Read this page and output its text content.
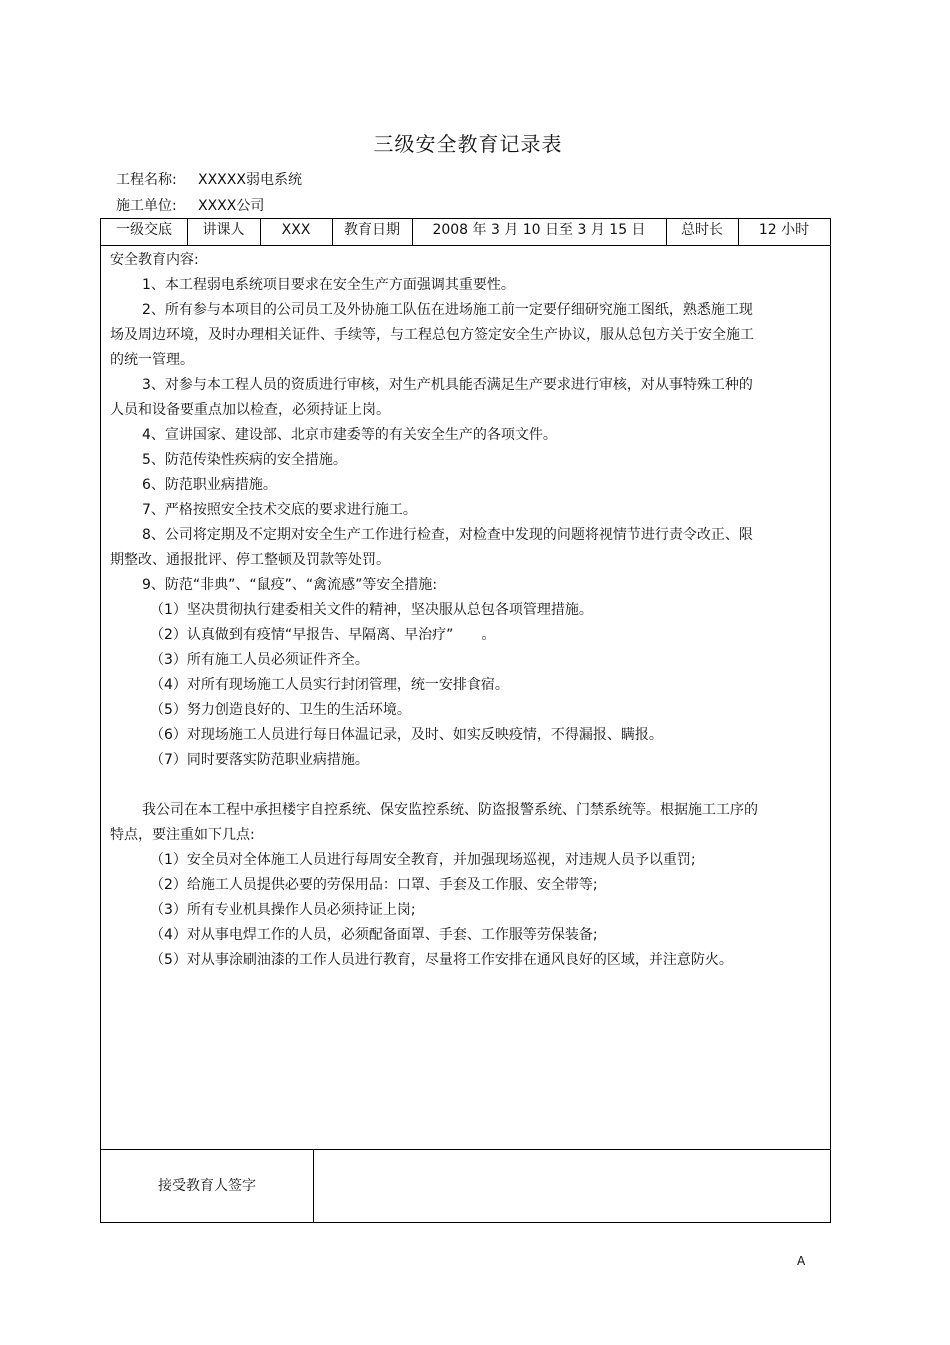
三级安全教育记录表
工程名称: XXXXX弱电系统
施工单位: XXXX公司
一级交底	讲课人	XXX	教育日期	2008 年 3 月 10 日至 3 月 15 日	总时长	12 小时

安全教育内容:

1、本工程弱电系统项目要求在安全生产方面强调其重要性。

2、所有参与本项目的公司员工及外协施工队伍在进场施工前一定要仔细研究施工图纸，熟悉施工现场及周边环境，及时办理相关证件、手续等，与工程总包方签定安全生产协议，服从总包方关于安全施工的统一管理。

3、对参与本工程人员的资质进行审核，对生产机具能否满足生产要求进行审核，对从事特殊工种的人员和设备要重点加以检查，必须持证上岗。

4、宣讲国家、建设部、北京市建委等的有关安全生产的各项文件。

5、防范传染性疾病的安全措施。

6、防范职业病措施。

7、严格按照安全技术交底的要求进行施工。

8、公司将定期及不定期对安全生产工作进行检查，对检查中发现的问题将视情节进行责令改正、限期整改、通报批评、停工整顿及罚款等处罚。

9、防范“非典”、“鼠疫”、“禽流感”等安全措施:

（1）坚决贯彻执行建委相关文件的精神，坚决服从总包各项管理措施。

（2）认真做到有疫情“早报告、早隔离、早治疗”　　。

（3）所有施工人员必须证件齐全。

（4）对所有现场施工人员实行封闭管理，统一安排食宿。

（5）努力创造良好的、卫生的生活环境。

（6）对现场施工人员进行每日体温记录，及时、如实反映疫情，不得漏报、瞒报。

（7）同时要落实防范职业病措施。

我公司在本工程中承担楼宇自控系统、保安监控系统、防盗报警系统、门禁系统等。根据施工工序的特点，要注重如下几点:

（1）安全员对全体施工人员进行每周安全教育，并加强现场巡视，对违规人员予以重罚;

（2）给施工人员提供必要的劳保用品：口罩、手套及工作服、安全带等;

（3）所有专业机具操作人员必须持证上岗;

（4）对从事电焊工作的人员，必须配备面罩、手套、工作服等劳保装备;

（5）对从事涂刷油漆的工作人员进行教育，尽量将工作安排在通风良好的区域，并注意防火。

接受教育人签字
A
